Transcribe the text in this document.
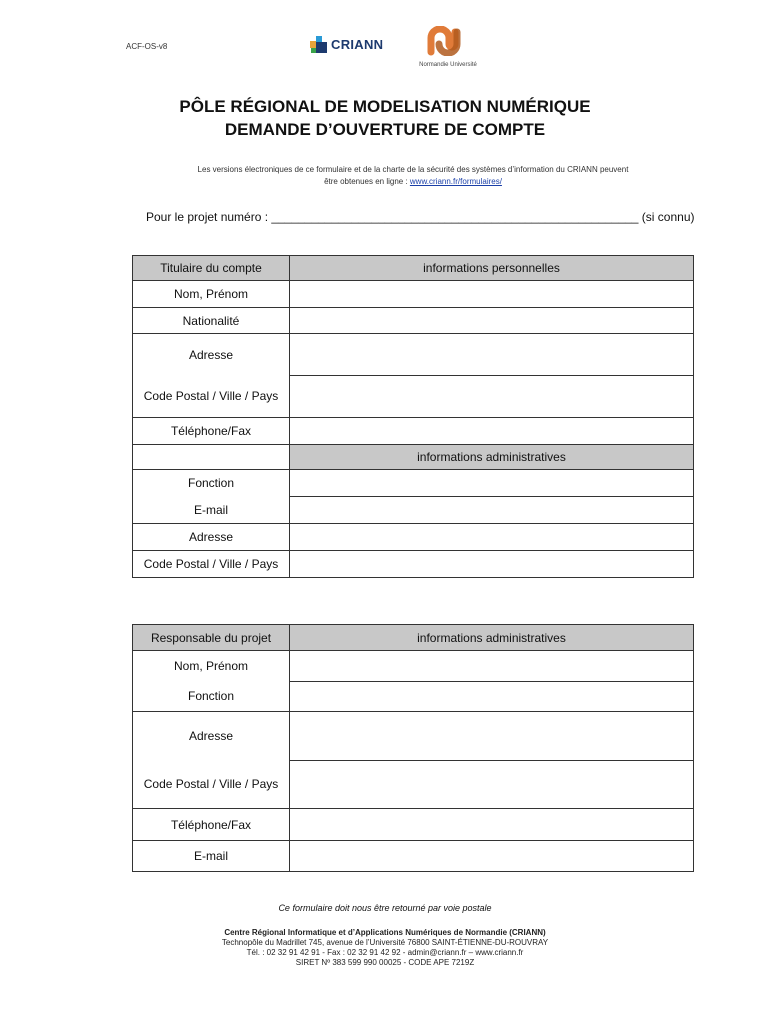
ACF-OS-v8	CRIANN
Normandie Université
PÔLE RÉGIONAL DE MODELISATION NUMÉRIQUE
DEMANDE D’OUVERTURE DE COMPTE
Les versions électroniques de ce formulaire et de la charte de la sécurité des systèmes d’information du CRIANN peuvent
être obtenues en ligne : www.criann.fr/formulaires/
Pour le projet numéro : _______________________________________________________ (si connu)
Titulaire du compte	informations personnelles
Nom, Prénom	
Nationalité	
Adresse	
Code Postal / Ville / Pays	
Téléphone/Fax	
	informations administratives
Fonction	
E-mail	
Adresse	
Code Postal / Ville / Pays	
Responsable du projet	informations administratives
Nom, Prénom	
Fonction	
Adresse	
Code Postal / Ville / Pays	
Téléphone/Fax	
E-mail	
Ce formulaire doit nous être retourné par voie postale
Centre Régional Informatique et d’Applications Numériques de Normandie (CRIANN)
Technopôle du Madrillet 745, avenue de l’Université 76800 SAINT-ÉTIENNE-DU-ROUVRAY
Tél. : 02 32 91 42 91 - Fax : 02 32 91 42 92 - admin@criann.fr – www.criann.fr
SIRET Nº 383 599 990 00025 - CODE APE 7219Z
